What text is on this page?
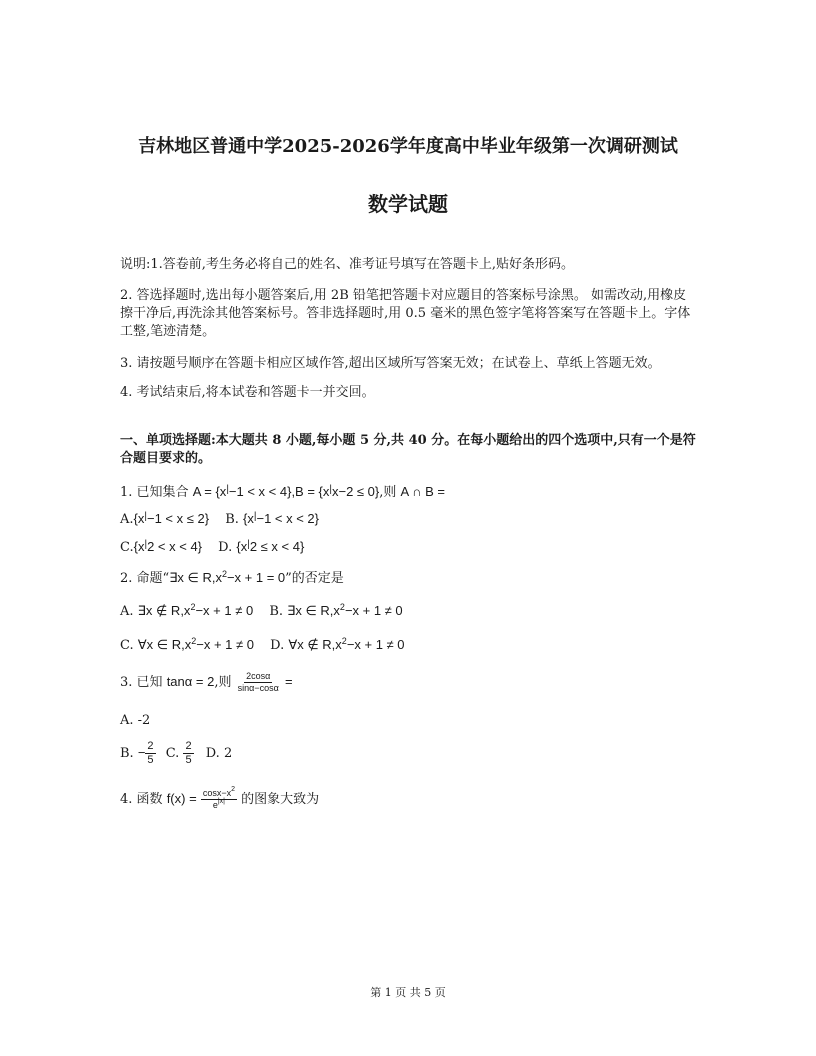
吉林地区普通中学2025-2026学年度高中毕业年级第一次调研测试
数学试题
说明:1.答卷前,考生务必将自己的姓名、准考证号填写在答题卡上,贴好条形码。
2. 答选择题时,选出每小题答案后,用 2B 铅笔把答题卡对应题目的答案标号涂黑。 如需改动,用橡皮擦干净后,再洗涂其他答案标号。答非选择题时,用 0.5 毫米的黑色签字笔将答案写在答题卡上。字体工整,笔迹清楚。
3. 请按题号顺序在答题卡相应区域作答,超出区域所写答案无效；在试卷上、草纸上答题无效。
4. 考试结束后,将本试卷和答题卡一并交回。
一、单项选择题:本大题共 8 小题,每小题 5 分,共 40 分。在每小题给出的四个选项中,只有一个是符合题目要求的。
1. 已知集合 A = {x|−1 < x < 4},B = {x|x−2 ≤ 0},则 A ∩ B =
A.{x|−1 < x ≤ 2} B. {x|−1 < x < 2}
C.{x|2 < x < 4} D. {x|2 ≤ x < 4}
2. 命题“∃x ∈ $R,x^2-x + 1 = 0$”的否定是
A. ∃x ∉ $R,x^2-x + 1 \ne 0$ B. ∃x ∈ $R,x^2-x + 1 \ne 0$
C. ∀x ∈ $R,x^2-x + 1 \ne 0$ D. ∀x ∉ $R,x^2-x + 1 \ne 0$
3. 已知 tanα = 2,则 $\frac{2\cos\alpha}{\sin\alpha-\cos\alpha}$ =
A. -2
B. − $\frac{2}{5} C$. $\frac{2}{5} D$. 2
4. 函数 $f(x) = \frac{\cos x-x^2}{e^{|x|}}$ 的图象大致为
第 1 页 共 5 页
